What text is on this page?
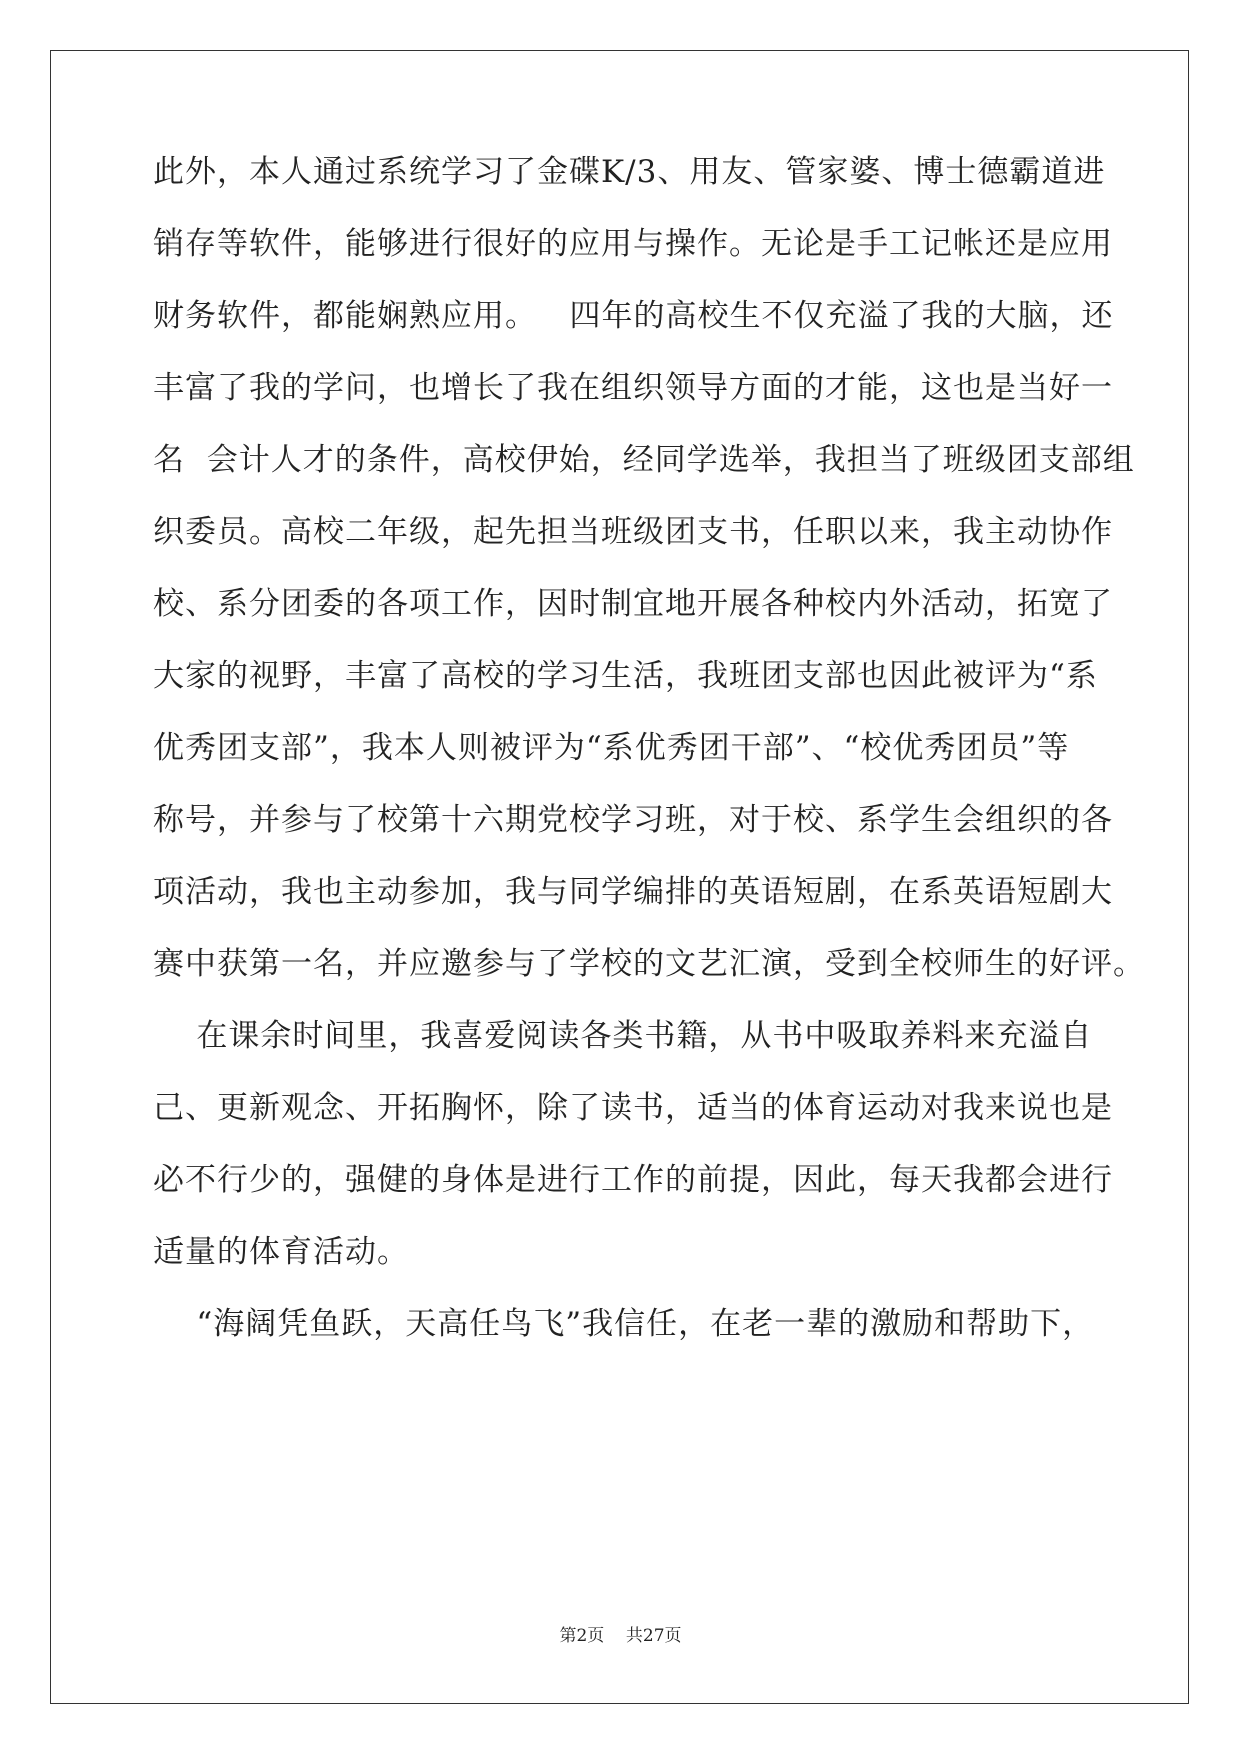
此外，本人通过系统学习了金碟K/3、用友、管家婆、博士德霸道进
销存等软件，能够进行很好的应用与操作。无论是手工记帐还是应用
财务软件，都能娴熟应用。   四年的高校生不仅充溢了我的大脑，还
丰富了我的学问，也增长了我在组织领导方面的才能，这也是当好一
名  会计人才的条件，高校伊始，经同学选举，我担当了班级团支部组
织委员。高校二年级，起先担当班级团支书，任职以来，我主动协作
校、系分团委的各项工作，因时制宜地开展各种校内外活动，拓宽了
大家的视野，丰富了高校的学习生活，我班团支部也因此被评为“系
优秀团支部”，我本人则被评为“系优秀团干部”、“校优秀团员”等
称号，并参与了校第十六期党校学习班，对于校、系学生会组织的各
项活动，我也主动参加，我与同学编排的英语短剧，在系英语短剧大
赛中获第一名，并应邀参与了学校的文艺汇演，受到全校师生的好评。
在课余时间里，我喜爱阅读各类书籍，从书中吸取养料来充溢自
己、更新观念、开拓胸怀，除了读书，适当的体育运动对我来说也是
必不行少的，强健的身体是进行工作的前提，因此，每天我都会进行
适量的体育活动。
“海阔凭鱼跃，天高任鸟飞”我信任，在老一辈的激励和帮助下，
第2页 共27页
